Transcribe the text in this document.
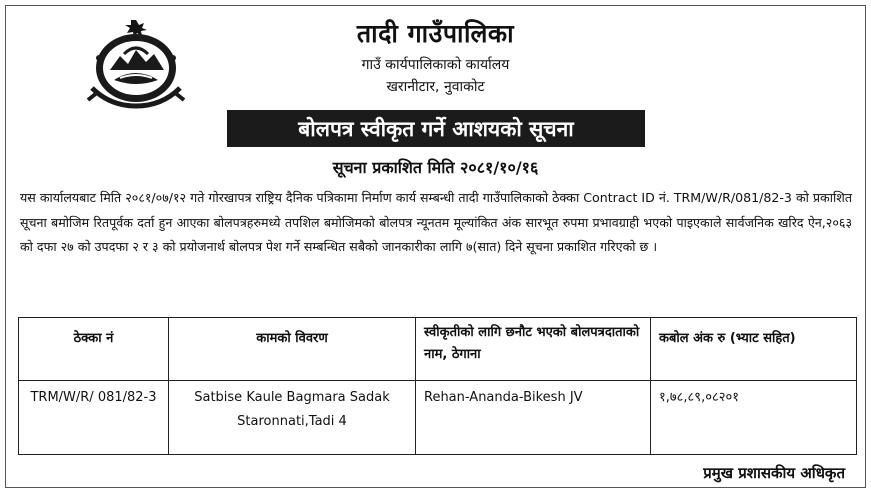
तादी गाउँपालिका
गाउँ कार्यपालिकाको कार्यालय
खरानीटार, नुवाकोट
बोलपत्र स्वीकृत गर्ने आशयको सूचना
सूचना प्रकाशित मिति २०८१/१०/१६
यस कार्यालयबाट मिति २०८१/०७/१२ गते गोरखापत्र राष्ट्रिय दैनिक पत्रिकामा निर्माण कार्य सम्बन्धी तादी गाउँपालिकाको ठेक्का Contract ID नं. TRM/W/R/081/82-3 को प्रकाशित सूचना बमोजिम रितपूर्वक दर्ता हुन आएका बोलपत्रहरुमध्ये तपशिल बमोजिमको बोलपत्र न्यूनतम मूल्यांकित अंक सारभूत रुपमा प्रभावग्राही भएको पाइएकाले सार्वजनिक खरिद ऐन,२०६३ को दफा २७ को उपदफा २ र ३ को प्रयोजनार्थ बोलपत्र पेश गर्ने सम्बन्धित सबैको जानकारीका लागि ७(सात) दिने सूचना प्रकाशित गरिएको छ ।
ठेक्का नं	कामको विवरण	स्वीकृतीको लागि छनौट भएको बोलपत्रदाताको नाम, ठेगाना	कबोल अंक रु (भ्याट सहित)
TRM/W/R/ 081/82-3	Satbise Kaule Bagmara Sadak Staronnati,Tadi 4	Rehan-Ananda-Bikesh JV	१,७८,८९,०८२०१
प्रमुख प्रशासकीय अधिकृत
